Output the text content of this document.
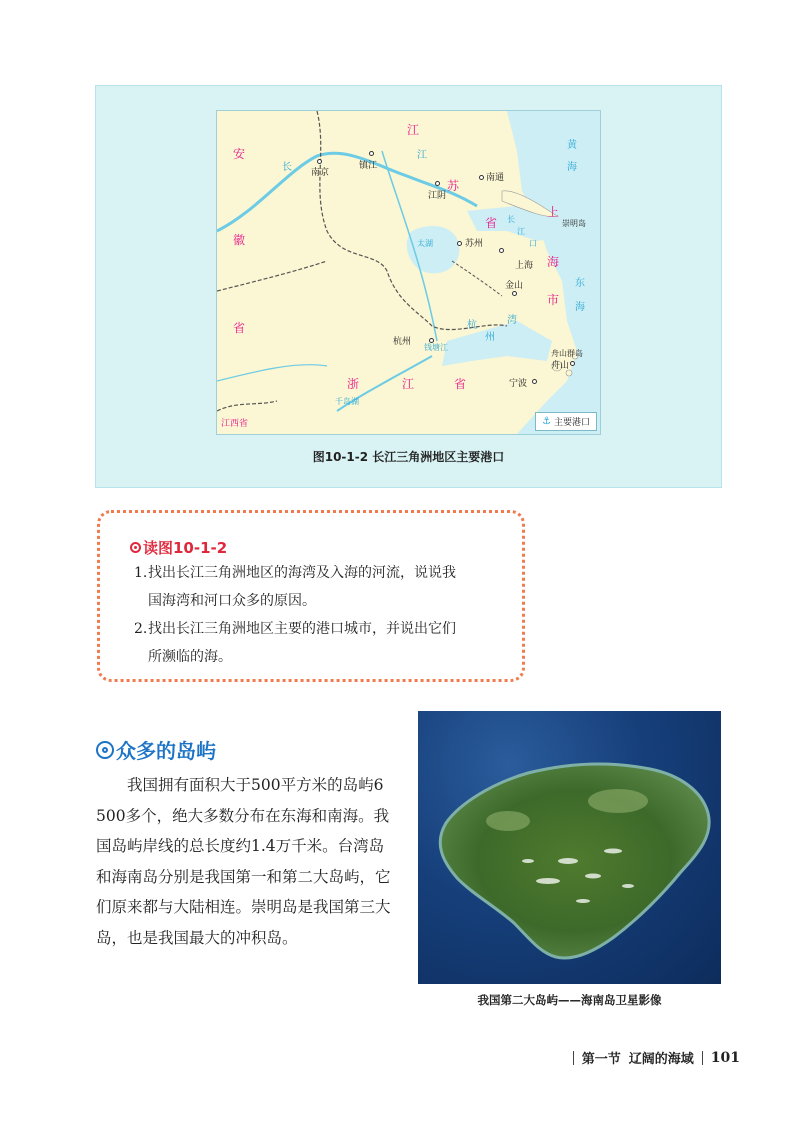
安
徽
省
江
苏
省
浙	江	省
上
海
市
江西省
南京
镇江
南通
江阴
苏州
上海
金山
杭州
宁波
舟山
崇明岛
舟山群岛
长
江
黄
海
太湖
钱塘江
杭
州
湾
东
海
千岛湖
长
江
口
⚓ 主要港口
图10-1-2 长江三角洲地区主要港口
读图10-1-2
1.找出长江三角洲地区的海湾及入海的河流，说说我
国海湾和河口众多的原因。
2.找出长江三角洲地区主要的港口城市，并说出它们
所濒临的海。
众多的岛屿
我国拥有面积大于500平方米的岛屿6 500多个，绝大多数分布在东海和南海。我国岛屿岸线的总长度约1.4万千米。台湾岛和海南岛分别是我国第一和第二大岛屿，它们原来都与大陆相连。崇明岛是我国第三大岛，也是我国最大的冲积岛。
我国第二大岛屿——海南岛卫星影像
第一节 辽阔的海域 101
